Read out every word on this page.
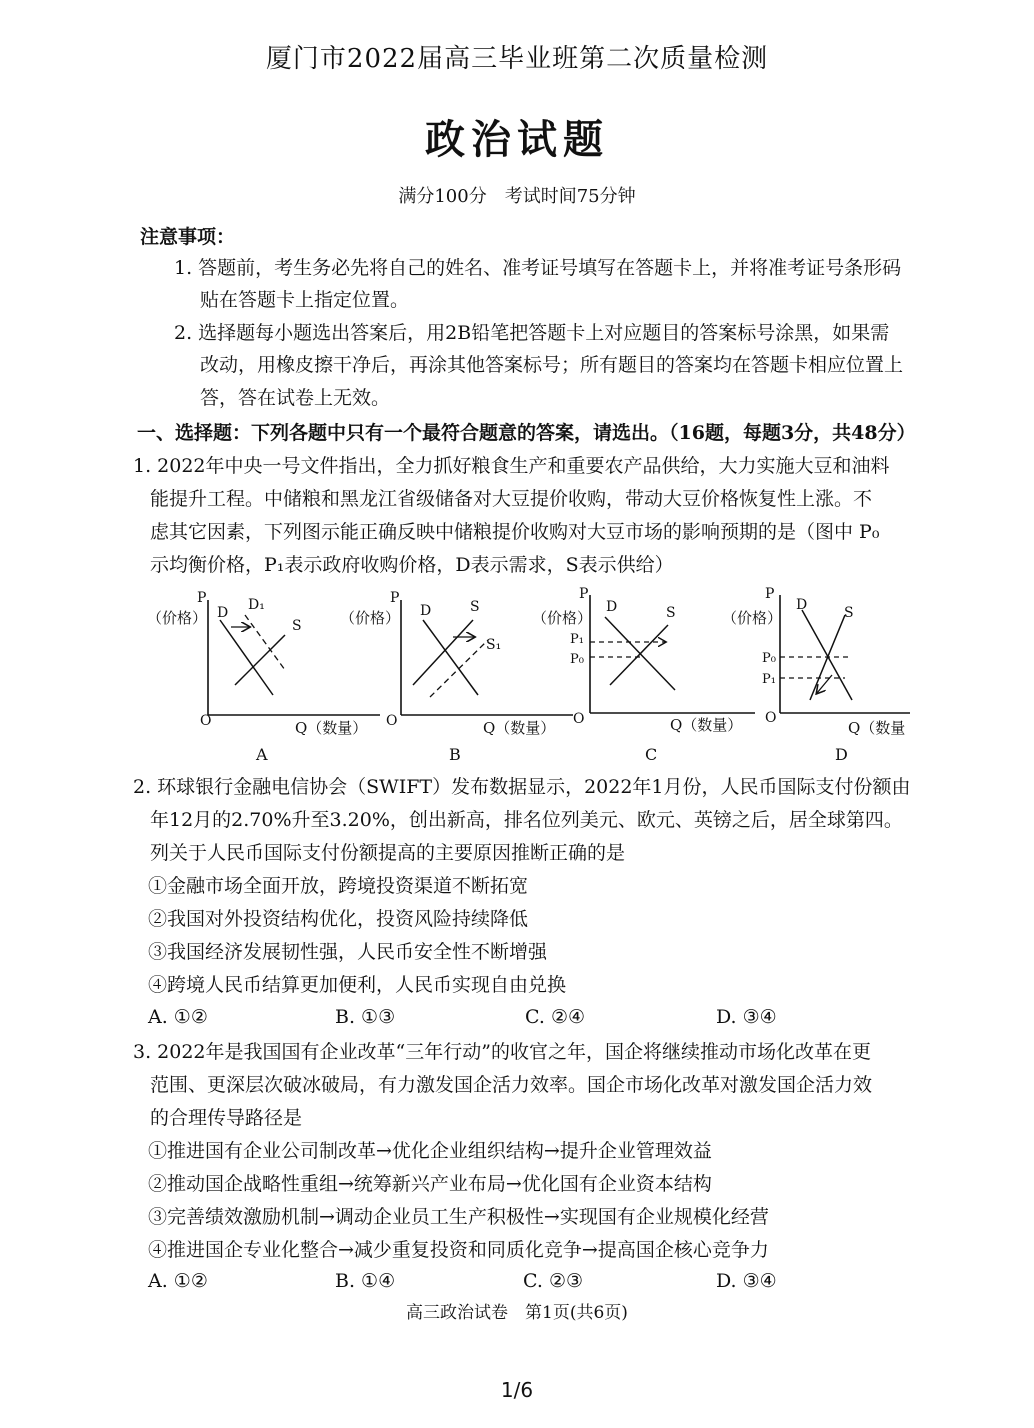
厦门市2022届高三毕业班第二次质量检测
政治试题
满分100分　考试时间75分钟
注意事项：
1. 答题前，考生务必先将自己的姓名、准考证号填写在答题卡上，并将准考证号条形码
贴在答题卡上指定位置。
2. 选择题每小题选出答案后，用2B铅笔把答题卡上对应题目的答案标号涂黑，如果需
改动，用橡皮擦干净后，再涂其他答案标号；所有题目的答案均在答题卡相应位置上
答，答在试卷上无效。
一、选择题：下列各题中只有一个最符合题意的答案，请选出。（16题，每题3分，共48分）
1. 2022年中央一号文件指出，全力抓好粮食生产和重要农产品供给，大力实施大豆和油料
能提升工程。中储粮和黑龙江省级储备对大豆提价收购，带动大豆价格恢复性上涨。不
虑其它因素，下列图示能正确反映中储粮提价收购对大豆市场的影响预期的是（图中 P₀
示均衡价格，P₁表示政府收购价格，D表示需求，S表示供给）
P
（价格）
O	Q（数量）
D D₁
S
A
P
（价格）
O	Q（数量）
D	S
S₁
B
P
（价格）
O	Q（数量）
D	S
P₁
P₀
C
P
（价格）
O
Q（数量
D	S
P₀
P₁
D
2. 环球银行金融电信协会（SWIFT）发布数据显示，2022年1月份，人民币国际支付份额由
年12月的2.70%升至3.20%，创出新高，排名位列美元、欧元、英镑之后，居全球第四。
列关于人民币国际支付份额提高的主要原因推断正确的是
①金融市场全面开放，跨境投资渠道不断拓宽
②我国对外投资结构优化，投资风险持续降低
③我国经济发展韧性强，人民币安全性不断增强
④跨境人民币结算更加便利，人民币实现自由兑换
A. ①②	B. ①③	C. ②④	D. ③④
3. 2022年是我国国有企业改革“三年行动”的收官之年，国企将继续推动市场化改革在更
范围、更深层次破冰破局，有力激发国企活力效率。国企市场化改革对激发国企活力效
的合理传导路径是
①推进国有企业公司制改革→优化企业组织结构→提升企业管理效益
②推动国企战略性重组→统筹新兴产业布局→优化国有企业资本结构
③完善绩效激励机制→调动企业员工生产积极性→实现国有企业规模化经营
④推进国企专业化整合→减少重复投资和同质化竞争→提高国企核心竞争力
A. ①②	B. ①④	C. ②③	D. ③④
高三政治试卷　第1页(共6页)
1/6
